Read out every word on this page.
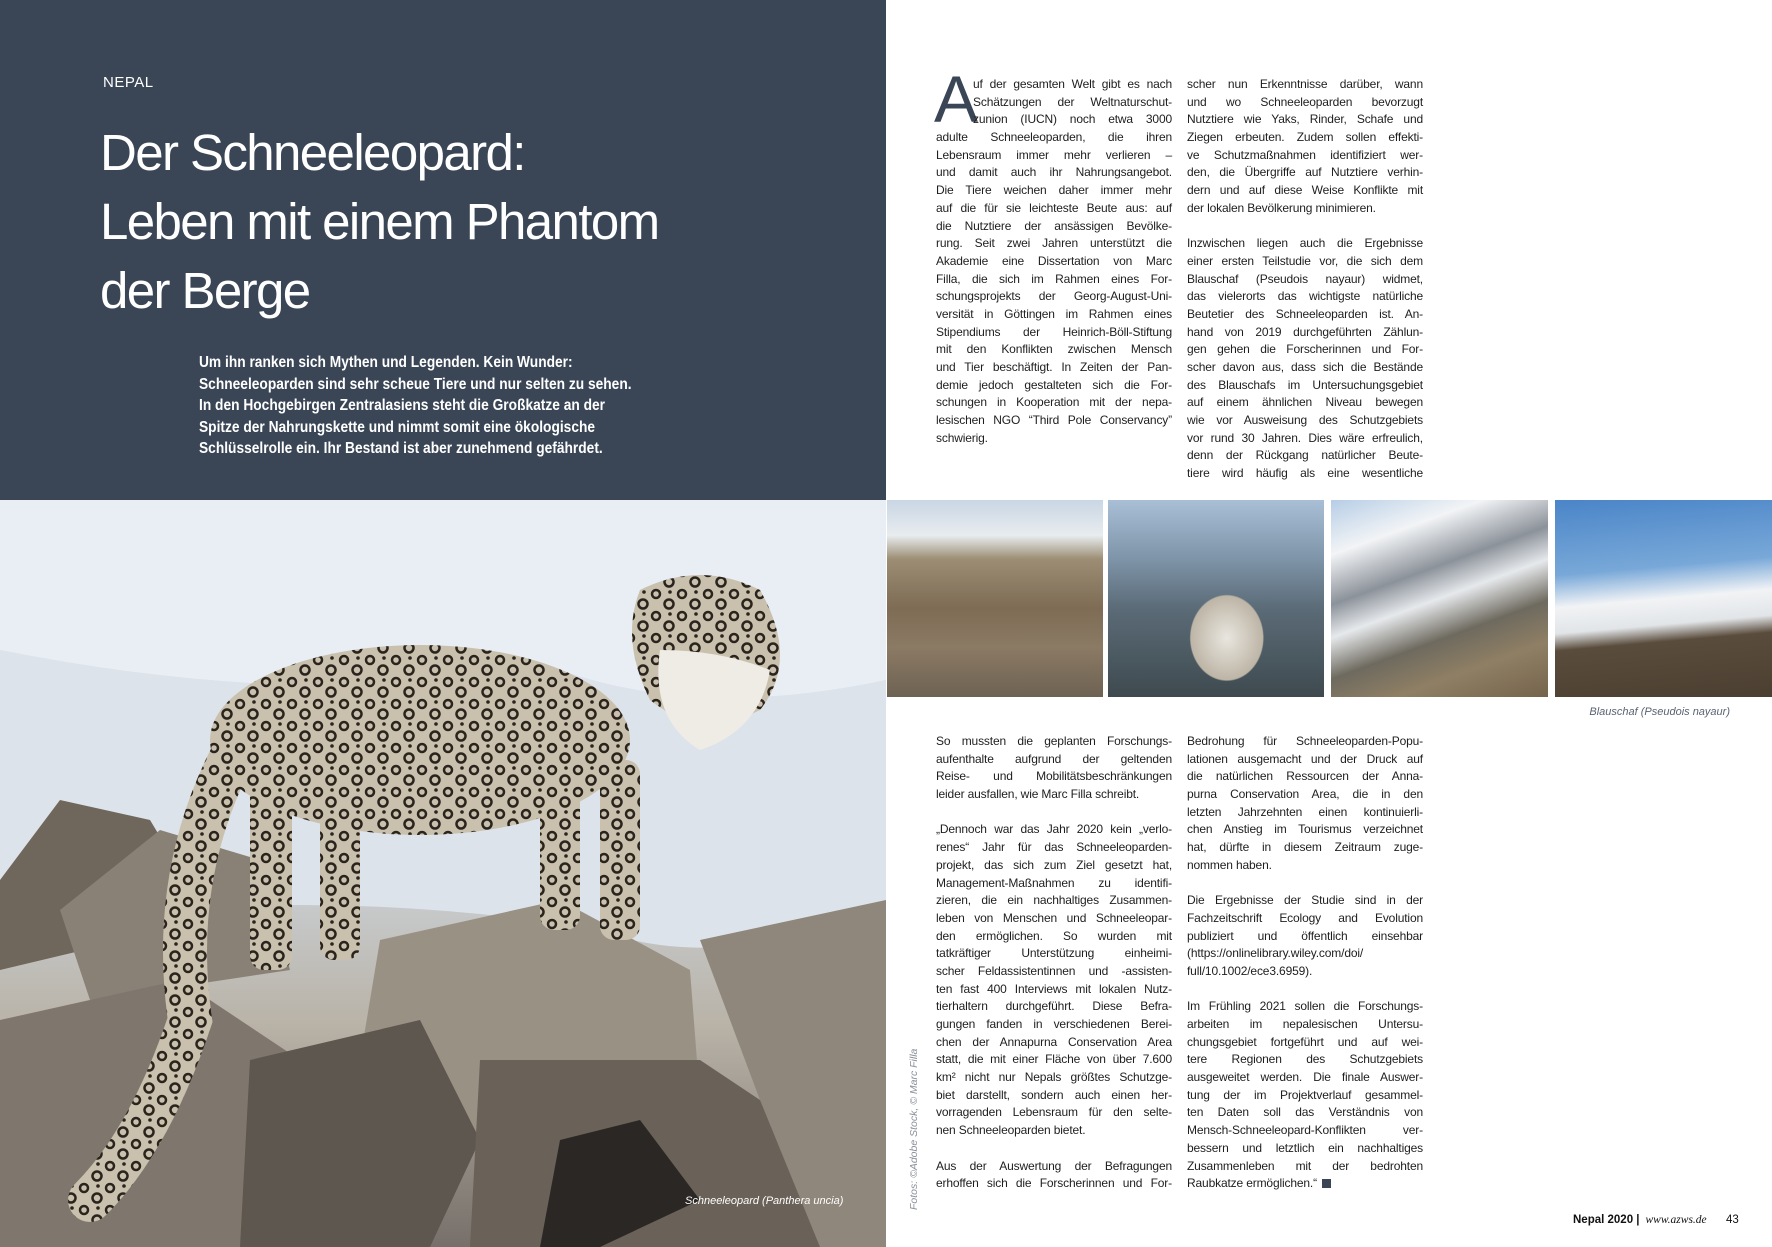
NEPAL
Der Schneeleopard:
Leben mit einem Phantom
der Berge
Um ihn ranken sich Mythen und Legenden. Kein Wunder:
Schneeleoparden sind sehr scheue Tiere und nur selten zu sehen.
In den Hochgebirgen Zentralasiens steht die Großkatze an der
Spitze der Nahrungskette und nimmt somit eine ökologische
Schlüsselrolle ein. Ihr Bestand ist aber zunehmend gefährdet.
Schneeleopard (Panthera uncia)	Fotos: ©Adobe Stock, © Marc Filla
Blauschaf (Pseudois nayaur)
A
uf der gesamten Welt gibt es nach
Schätzungen der Weltnaturschut-
zunion (IUCN) noch etwa 3000
adulte Schneeleoparden, die ihren
Lebensraum immer mehr verlieren –
und damit auch ihr Nahrungsangebot.
Die Tiere weichen daher immer mehr
auf die für sie leichteste Beute aus: auf
die Nutztiere der ansässigen Bevölke-
rung. Seit zwei Jahren unterstützt die
Akademie eine Dissertation von Marc
Filla, die sich im Rahmen eines For-
schungsprojekts der Georg-August-Uni-
versität in Göttingen im Rahmen eines
Stipendiums der Heinrich-Böll-Stiftung
mit den Konflikten zwischen Mensch
und Tier beschäftigt. In Zeiten der Pan-
demie jedoch gestalteten sich die For-
schungen in Kooperation mit der nepa-
lesischen NGO “Third Pole Conservancy”
schwierig.
scher nun Erkenntnisse darüber, wann
und wo Schneeleoparden bevorzugt
Nutztiere wie Yaks, Rinder, Schafe und
Ziegen erbeuten. Zudem sollen effekti-
ve Schutzmaßnahmen identifiziert wer-
den, die Übergriffe auf Nutztiere verhin-
dern und auf diese Weise Konflikte mit
der lokalen Bevölkerung minimieren.
Inzwischen liegen auch die Ergebnisse
einer ersten Teilstudie vor, die sich dem
Blauschaf (Pseudois nayaur) widmet,
das vielerorts das wichtigste natürliche
Beutetier des Schneeleoparden ist. An-
hand von 2019 durchgeführten Zählun-
gen gehen die Forscherinnen und For-
scher davon aus, dass sich die Bestände
des Blauschafs im Untersuchungsgebiet
auf einem ähnlichen Niveau bewegen
wie vor Ausweisung des Schutzgebiets
vor rund 30 Jahren. Dies wäre erfreulich,
denn der Rückgang natürlicher Beute-
tiere wird häufig als eine wesentliche
So mussten die geplanten Forschungs-
aufenthalte aufgrund der geltenden
Reise- und Mobilitätsbeschränkungen
leider ausfallen, wie Marc Filla schreibt.
„Dennoch war das Jahr 2020 kein „verlo-
renes“ Jahr für das Schneeleoparden-
projekt, das sich zum Ziel gesetzt hat,
Management-Maßnahmen zu identifi-
zieren, die ein nachhaltiges Zusammen-
leben von Menschen und Schneeleopar-
den ermöglichen. So wurden mit
tatkräftiger Unterstützung einheimi-
scher Feldassistentinnen und -assisten-
ten fast 400 Interviews mit lokalen Nutz-
tierhaltern durchgeführt. Diese Befra-
gungen fanden in verschiedenen Berei-
chen der Annapurna Conservation Area
statt, die mit einer Fläche von über 7.600
km² nicht nur Nepals größtes Schutzge-
biet darstellt, sondern auch einen her-
vorragenden Lebensraum für den selte-
nen Schneeleoparden bietet.
Aus der Auswertung der Befragungen
erhoffen sich die Forscherinnen und For-
Bedrohung für Schneeleoparden-Popu-
lationen ausgemacht und der Druck auf
die natürlichen Ressourcen der Anna-
purna Conservation Area, die in den
letzten Jahrzehnten einen kontinuierli-
chen Anstieg im Tourismus verzeichnet
hat, dürfte in diesem Zeitraum zuge-
nommen haben.
Die Ergebnisse der Studie sind in der
Fachzeitschrift Ecology and Evolution
publiziert und öffentlich einsehbar
(https://onlinelibrary.wiley.com/doi/
full/10.1002/ece3.6959).
Im Frühling 2021 sollen die Forschungs-
arbeiten im nepalesischen Untersu-
chungsgebiet fortgeführt und auf wei-
tere Regionen des Schutzgebiets
ausgeweitet werden. Die finale Auswer-
tung der im Projektverlauf gesammel-
ten Daten soll das Verständnis von
Mensch-Schneeleopard-Konflikten ver-
bessern und letztlich ein nachhaltiges
Zusammenleben mit der bedrohten
Raubkatze ermöglichen.“
Nepal 2020 | www.azws.de 43
